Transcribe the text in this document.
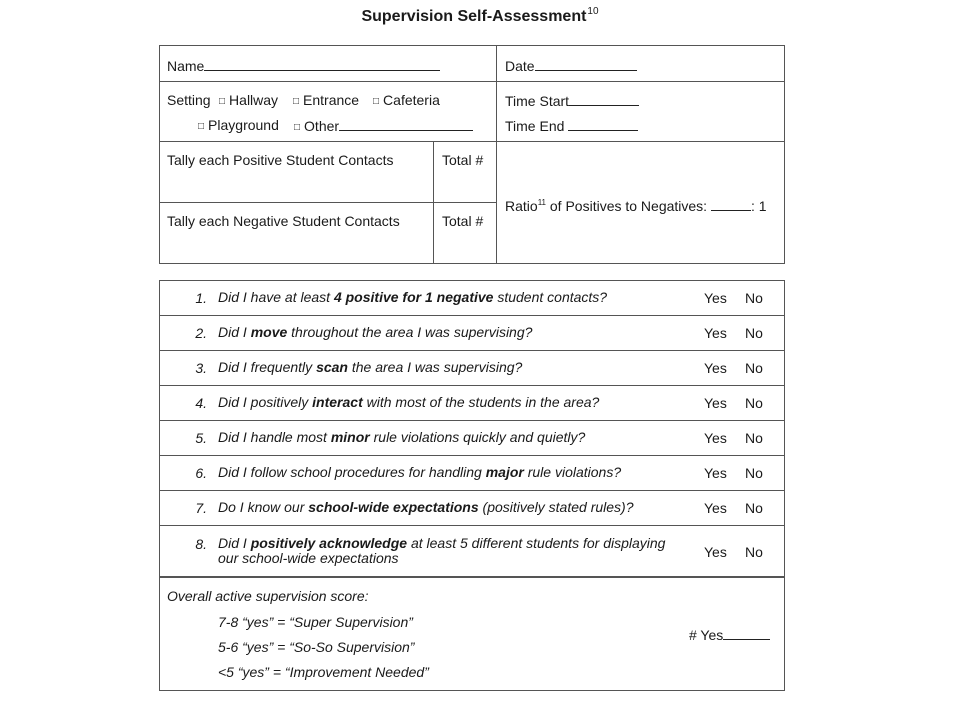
Supervision Self-Assessment$^{10}$
Name	Date
Setting □ Hallway □ Entrance □ Cafeteria
□ Playground □ Other
Time Start
Time End
Tally each Positive Student Contacts	Total #
Tally each Negative Student Contacts	Total #
Ratio$^{11}$ of Positives to Negatives:	: 1
1. Did I have at least 4 positive for 1 negative student contacts?	Yes No
2. Did I move throughout the area I was supervising?	Yes No
3. Did I frequently scan the area I was supervising?	Yes No
4. Did I positively interact with most of the students in the area?	Yes No
5. Did I handle most minor rule violations quickly and quietly?	Yes No
6. Did I follow school procedures for handling major rule violations?	Yes No
7. Do I know our school-wide expectations (positively stated rules)?	Yes No
8. Did I positively acknowledge at least 5 different students for displaying our school-wide expectations	Yes No
Overall active supervision score:
7-8 “yes” = “Super Supervision”
5-6 “yes” = “So-So Supervision”
<5 “yes” = “Improvement Needed”
# Yes
